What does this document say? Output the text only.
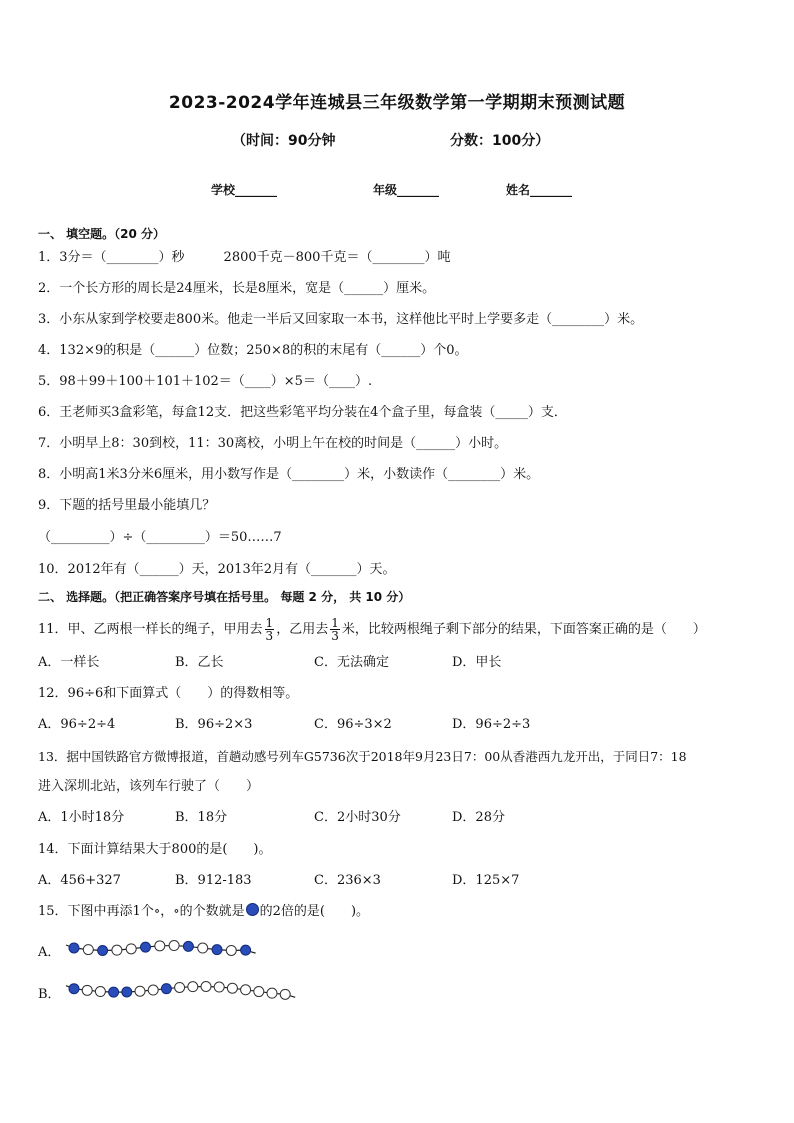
2023-2024学年连城县三年级数学第一学期期末预测试题
（时间：90分钟	分数：100分）
学校_______	年级_______	姓名_______
一、 填空题。（20 分）
1．3分＝（________）秒　　　2800千克－800千克＝（________）吨
2．一个长方形的周长是24厘米，长是8厘米，宽是（______）厘米。
3．小东从家到学校要走800米。他走一半后又回家取一本书，这样他比平时上学要多走（________）米。
4．132×9的积是（______）位数；250×8的积的末尾有（______）个0。
5．98＋99＋100＋101＋102＝（____）×5＝（____）.
6．王老师买3盒彩笔，每盒12支．把这些彩笔平均分装在4个盒子里，每盒装（_____）支．
7．小明早上8：30到校，11：30离校，小明上午在校的时间是（______）小时。
8．小明高1米3分米6厘米，用小数写作是（________）米，小数读作（________）米。
9．下题的括号里最小能填几？
（_________）÷（_________）＝50……7
10．2012年有（______）天，2013年2月有（_______）天。
二、 选择题。（把正确答案序号填在括号里。 每题 2 分， 共 10 分）
11．甲、乙两根一样长的绳子，甲用去 $\frac{1}{3}$ ，乙用去 $\frac{1}{3}$ 米，比较两根绳子剩下部分的结果，下面答案正确的是（　　）
A．一样长	B．乙长	C．无法确定	D．甲长
12．96÷6和下面算式（　　）的得数相等。
A．96÷2÷4	B．96÷2×3	C．96÷3×2	D．96÷2÷3
13．据中国铁路官方微博报道，首趟动感号列车G5736次于2018年9月23日7：00从香港西九龙开出，于同日7：18
进入深圳北站，该列车行驶了（　　）
A．1小时18分	B．18分	C．2小时30分	D．28分
14．下面计算结果大于800的是(　　)。
A．456+327	B．912-183	C．236×3	D．125×7
15．下图中再添1个∘，∘的个数就是 的2倍的是(　　)。
A．
B．
